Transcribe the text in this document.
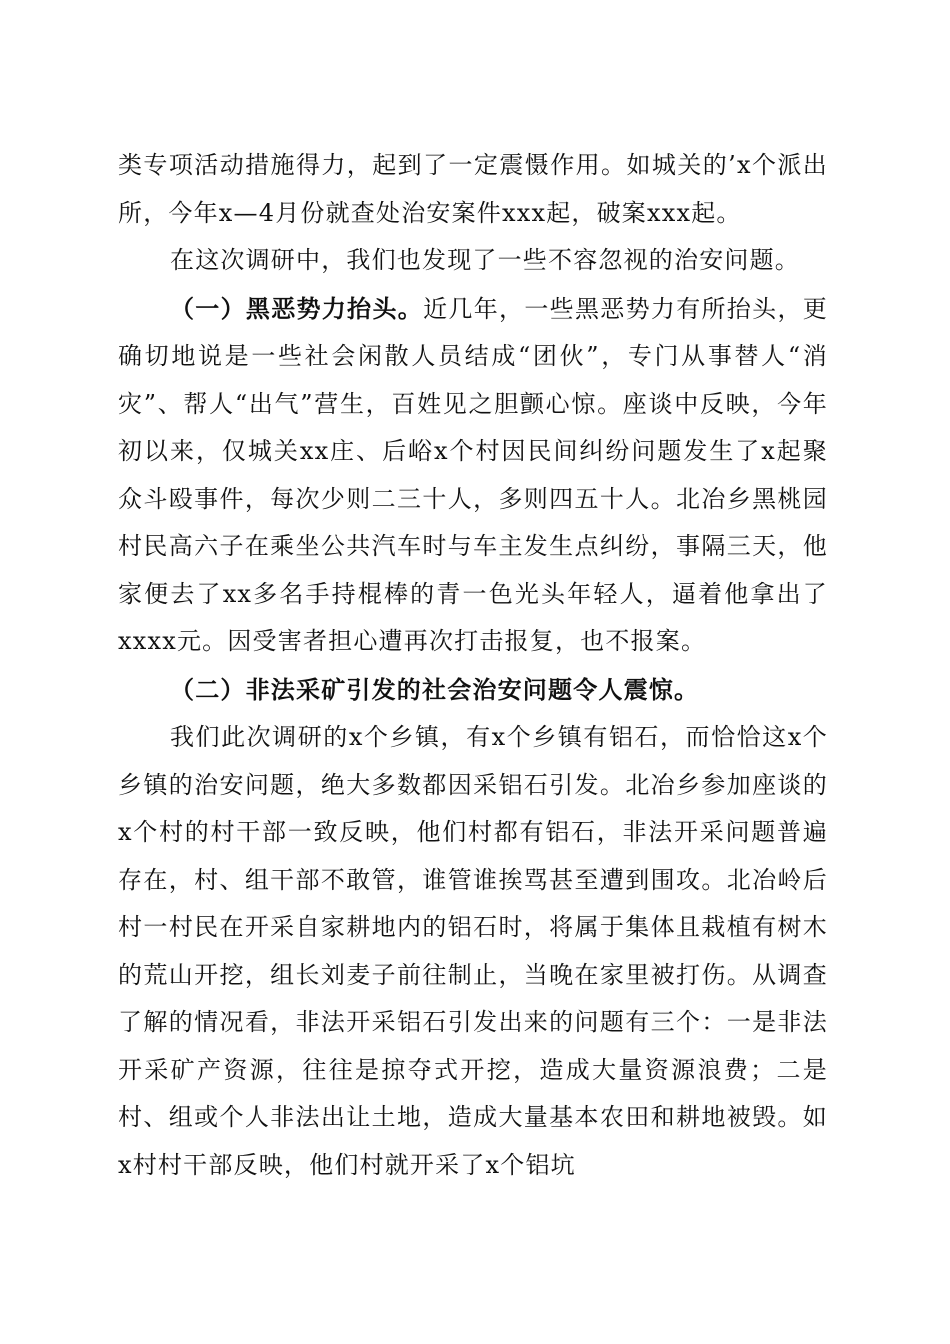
类专项活动措施得力，起到了一定震慑作用。如城关的’x个派出所，今年x—4月份就查处治安案件xxx起，破案xxx起。

在这次调研中，我们也发现了一些不容忽视的治安问题。

（一）黑恶势力抬头。近几年，一些黑恶势力有所抬头，更确切地说是一些社会闲散人员结成“团伙”，专门从事替人“消灾”、帮人“出气”营生，百姓见之胆颤心惊。座谈中反映，今年初以来，仅城关xx庄、后峪x个村因民间纠纷问题发生了x起聚众斗殴事件，每次少则二三十人，多则四五十人。北冶乡黑桃园村民高六子在乘坐公共汽车时与车主发生点纠纷，事隔三天，他家便去了xx多名手持棍棒的青一色光头年轻人，逼着他拿出了xxxx元。因受害者担心遭再次打击报复，也不报案。

（二）非法采矿引发的社会治安问题令人震惊。

我们此次调研的x个乡镇，有x个乡镇有铝石，而恰恰这x个乡镇的治安问题，绝大多数都因采铝石引发。北冶乡参加座谈的x个村的村干部一致反映，他们村都有铝石，非法开采问题普遍存在，村、组干部不敢管，谁管谁挨骂甚至遭到围攻。北冶岭后村一村民在开采自家耕地内的铝石时，将属于集体且栽植有树木的荒山开挖，组长刘麦子前往制止，当晚在家里被打伤。从调查了解的情况看，非法开采铝石引发出来的问题有三个：一是非法开采矿产资源，往往是掠夺式开挖，造成大量资源浪费；二是村、组或个人非法出让土地，造成大量基本农田和耕地被毁。如x村村干部反映，他们村就开采了x个铝坑
